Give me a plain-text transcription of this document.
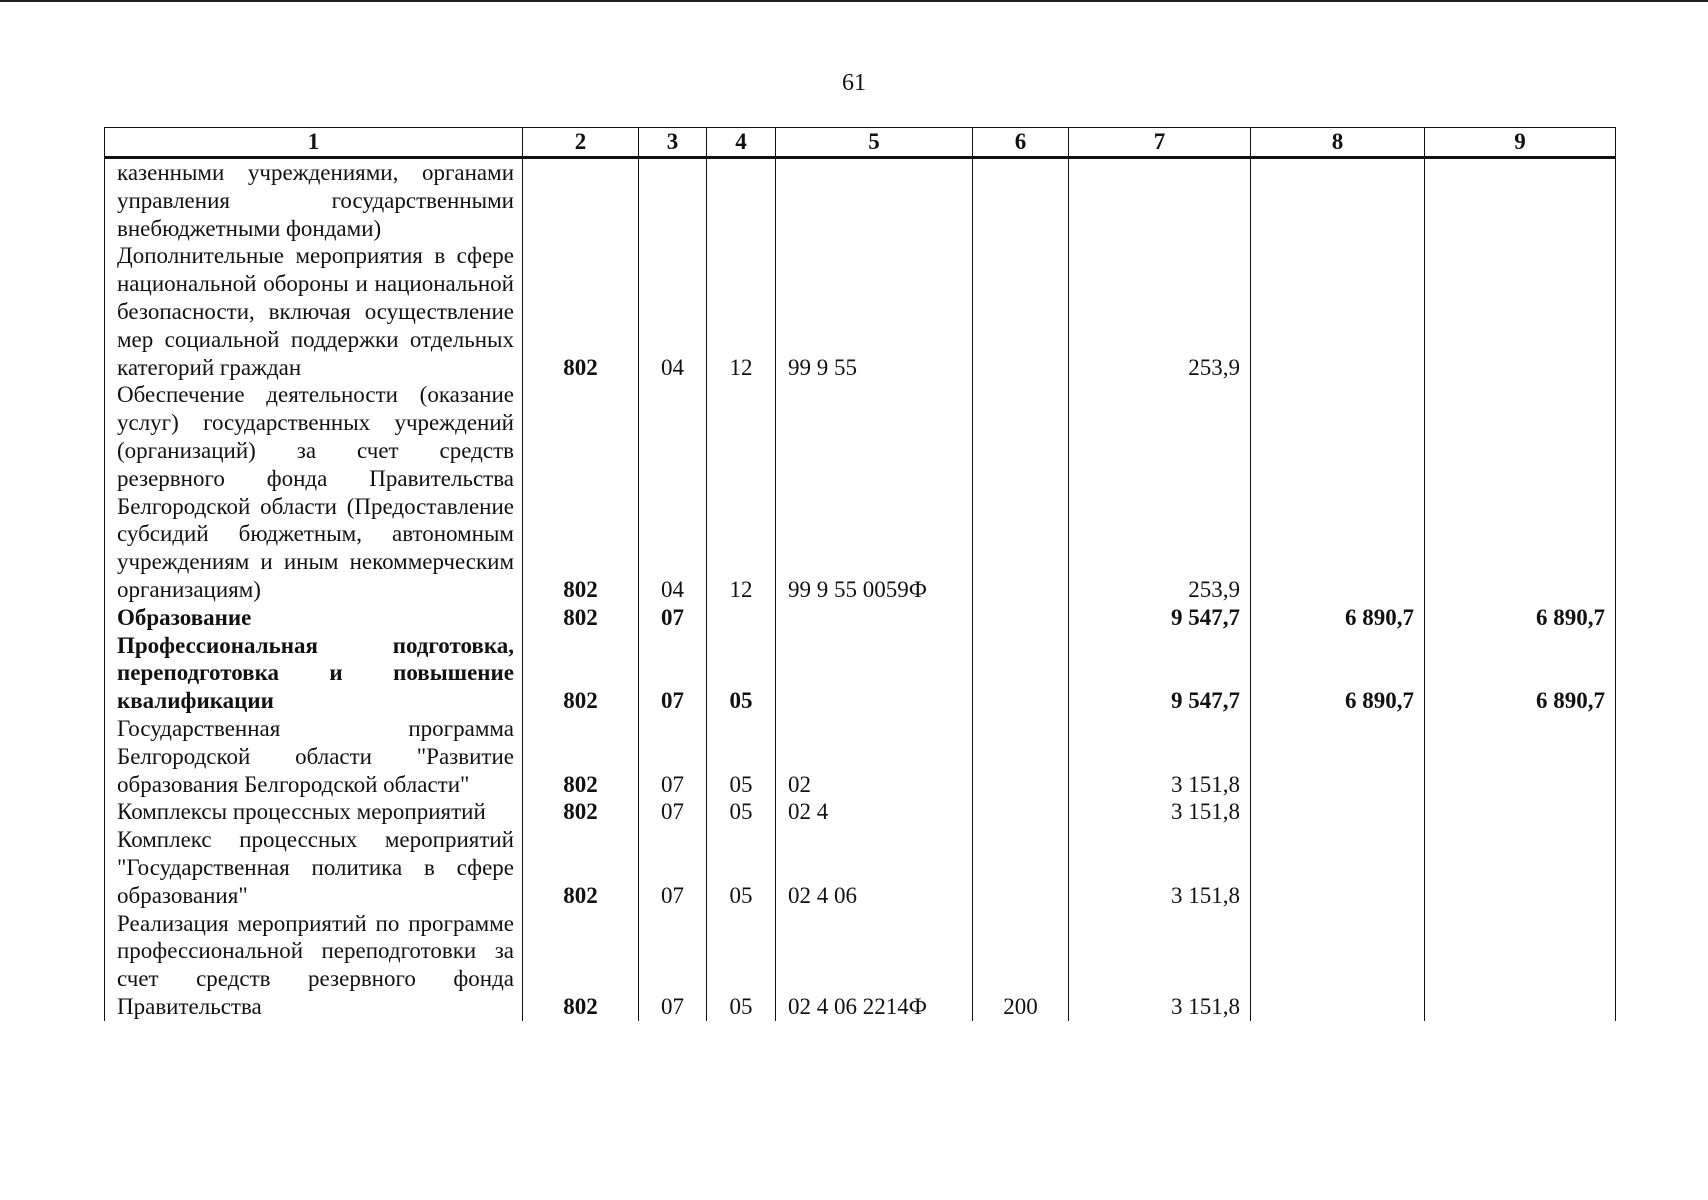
61
1	2	3	4	5	6	7	8	9
казенными учреждениями, органами управления государственными внебюджетными фондами)								
Дополнительные мероприятия в сфере национальной обороны и национальной безопасности, включая осуществление мер социальной поддержки отдельных категорий граждан	802	04	12	99 9 55		253,9		
Обеспечение деятельности (оказание услуг) государственных учреждений (организаций) за счет средств резервного фонда Правительства Белгородской области (Предоставление субсидий бюджетным, автономным учреждениям и иным некоммерческим организациям)	802	04	12	99 9 55 0059Ф		253,9		
Образование	802	07				9 547,7	6 890,7	6 890,7
Профессиональная подготовка, переподготовка и повышение квалификации	802	07	05			9 547,7	6 890,7	6 890,7
Государственная программа Белгородской области "Развитие образования Белгородской области"	802	07	05	02		3 151,8		
Комплексы процессных мероприятий	802	07	05	02 4		3 151,8		
Комплекс процессных мероприятий "Государственная политика в сфере образования"	802	07	05	02 4 06		3 151,8		
Реализация мероприятий по программе профессиональной переподготовки за счет средств резервного фонда Правительства	802	07	05	02 4 06 2214Ф	200	3 151,8		
